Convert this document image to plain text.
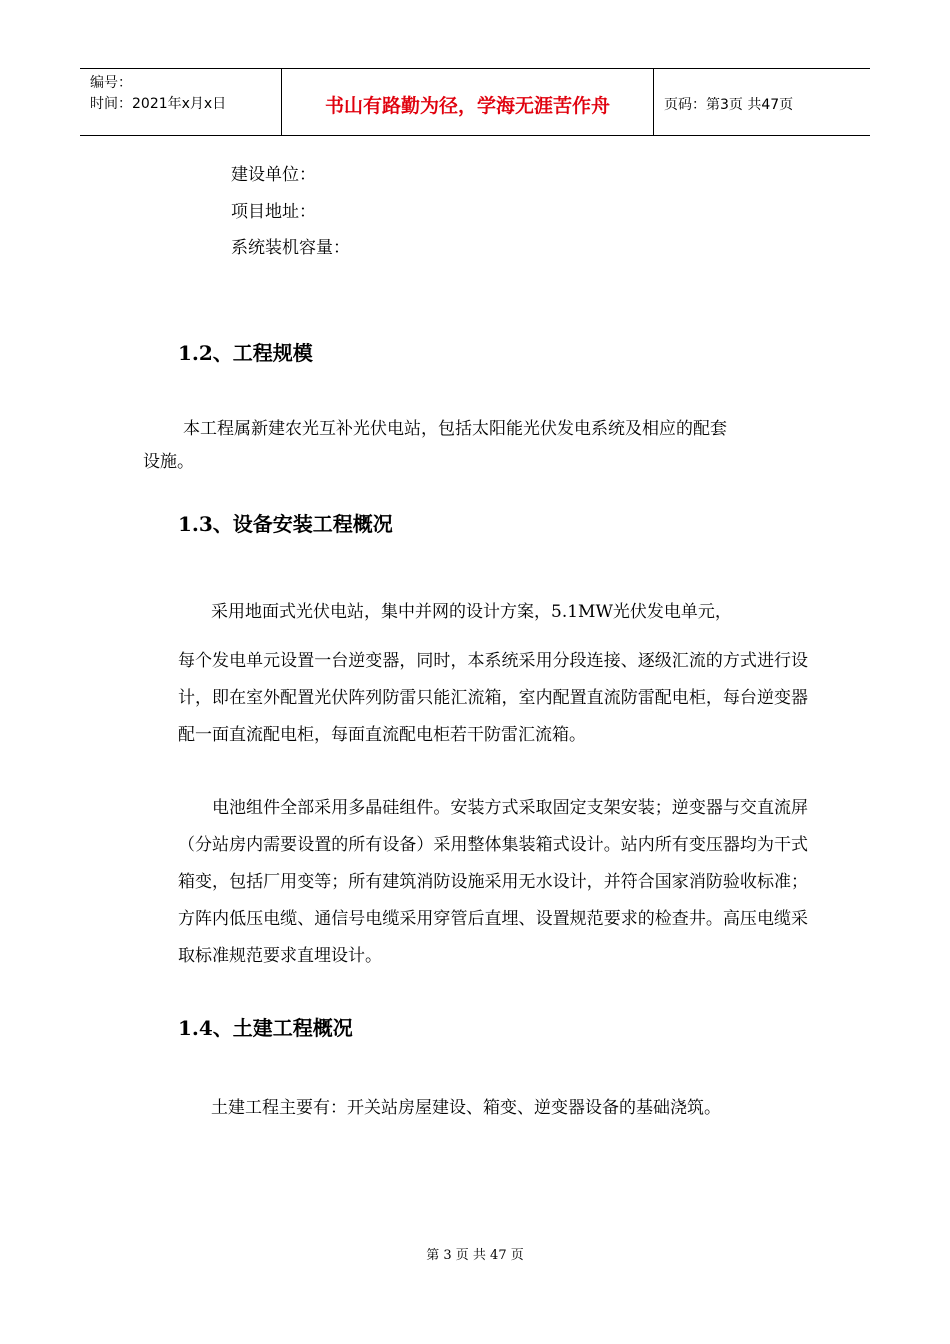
编号：
时间：2021年x月x日	书山有路勤为径，学海无涯苦作舟	页码：第3页 共47页
建设单位：
项目地址：
系统装机容量：
1.2、工程规模
本工程属新建农光互补光伏电站，包括太阳能光伏发电系统及相应的配套
设施。
1.3、设备安装工程概况
采用地面式光伏电站，集中并网的设计方案，5.1MW光伏发电单元，
每个发电单元设置一台逆变器，同时，本系统采用分段连接、逐级汇流的方式进行设计，即在室外配置光伏阵列防雷只能汇流箱，室内配置直流防雷配电柜，每台逆变器配一面直流配电柜，每面直流配电柜若干防雷汇流箱。
电池组件全部采用多晶硅组件。安装方式采取固定支架安装；逆变器与交直流屏（分站房内需要设置的所有设备）采用整体集装箱式设计。站内所有变压器均为干式箱变，包括厂用变等；所有建筑消防设施采用无水设计，并符合国家消防验收标准；方阵内低压电缆、通信号电缆采用穿管后直埋、设置规范要求的检查井。高压电缆采取标准规范要求直埋设计。
1.4、土建工程概况
土建工程主要有：开关站房屋建设、箱变、逆变器设备的基础浇筑。
第 3 页 共 47 页
